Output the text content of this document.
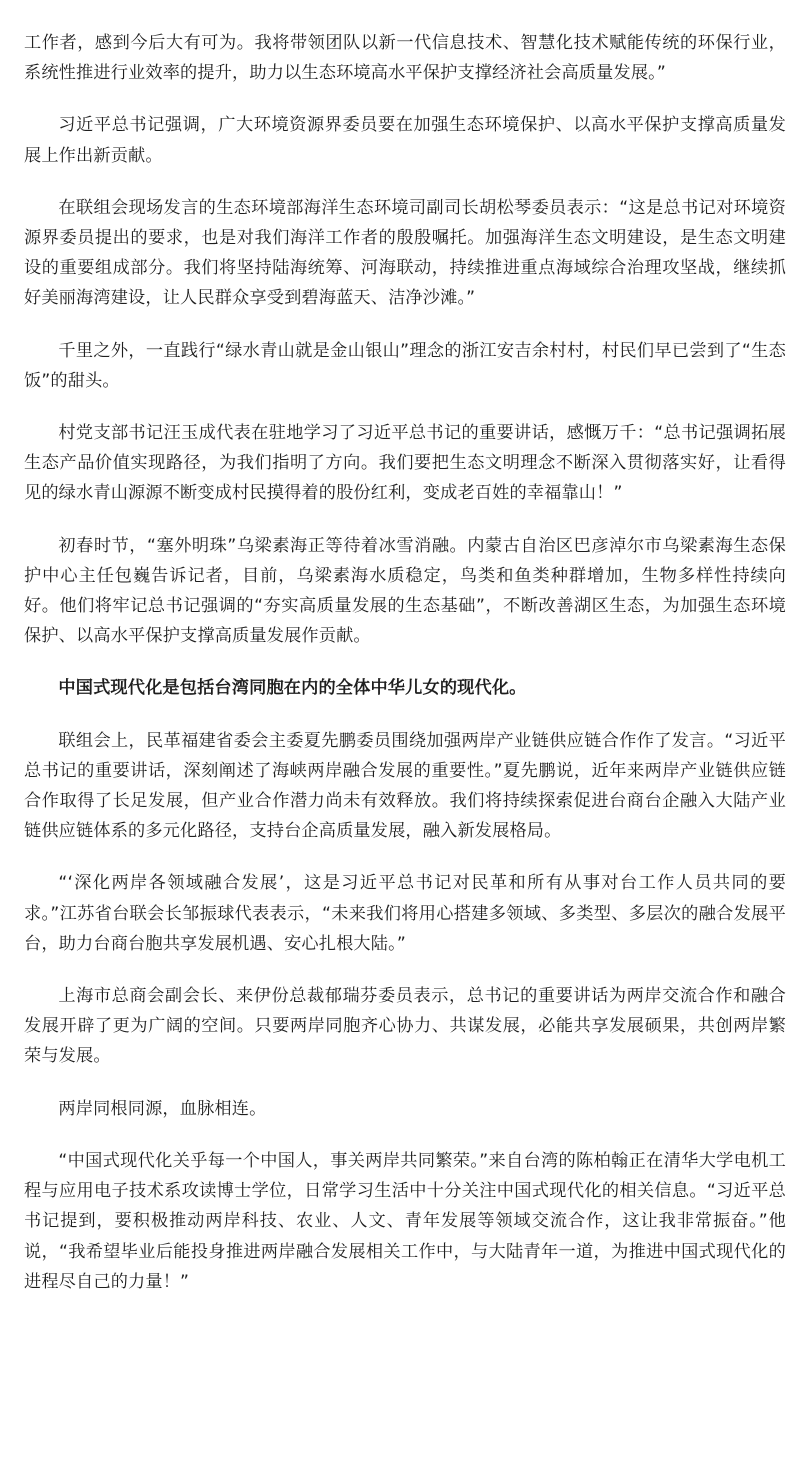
工作者，感到今后大有可为。我将带领团队以新一代信息技术、智慧化技术赋能传统的环保行业，系统性推进行业效率的提升，助力以生态环境高水平保护支撑经济社会高质量发展。”

习近平总书记强调，广大环境资源界委员要在加强生态环境保护、以高水平保护支撑高质量发展上作出新贡献。

在联组会现场发言的生态环境部海洋生态环境司副司长胡松琴委员表示：“这是总书记对环境资源界委员提出的要求，也是对我们海洋工作者的殷殷嘱托。加强海洋生态文明建设，是生态文明建设的重要组成部分。我们将坚持陆海统筹、河海联动，持续推进重点海域综合治理攻坚战，继续抓好美丽海湾建设，让人民群众享受到碧海蓝天、洁净沙滩。”

千里之外，一直践行“绿水青山就是金山银山”理念的浙江安吉余村村，村民们早已尝到了“生态饭”的甜头。

村党支部书记汪玉成代表在驻地学习了习近平总书记的重要讲话，感慨万千：“总书记强调拓展生态产品价值实现路径，为我们指明了方向。我们要把生态文明理念不断深入贯彻落实好，让看得见的绿水青山源源不断变成村民摸得着的股份红利，变成老百姓的幸福靠山！”

初春时节，“塞外明珠”乌梁素海正等待着冰雪消融。内蒙古自治区巴彦淖尔市乌梁素海生态保护中心主任包巍告诉记者，目前，乌梁素海水质稳定，鸟类和鱼类种群增加，生物多样性持续向好。他们将牢记总书记强调的“夯实高质量发展的生态基础”，不断改善湖区生态，为加强生态环境保护、以高水平保护支撑高质量发展作贡献。

中国式现代化是包括台湾同胞在内的全体中华儿女的现代化。

联组会上，民革福建省委会主委夏先鹏委员围绕加强两岸产业链供应链合作作了发言。“习近平总书记的重要讲话，深刻阐述了海峡两岸融合发展的重要性。”夏先鹏说，近年来两岸产业链供应链合作取得了长足发展，但产业合作潜力尚未有效释放。我们将持续探索促进台商台企融入大陆产业链供应链体系的多元化路径，支持台企高质量发展，融入新发展格局。

“‘深化两岸各领域融合发展’，这是习近平总书记对民革和所有从事对台工作人员共同的要求。”江苏省台联会长邹振球代表表示，“未来我们将用心搭建多领域、多类型、多层次的融合发展平台，助力台商台胞共享发展机遇、安心扎根大陆。”

上海市总商会副会长、来伊份总裁郁瑞芬委员表示，总书记的重要讲话为两岸交流合作和融合发展开辟了更为广阔的空间。只要两岸同胞齐心协力、共谋发展，必能共享发展硕果，共创两岸繁荣与发展。

两岸同根同源，血脉相连。

“中国式现代化关乎每一个中国人，事关两岸共同繁荣。”来自台湾的陈柏翰正在清华大学电机工程与应用电子技术系攻读博士学位，日常学习生活中十分关注中国式现代化的相关信息。“习近平总书记提到，要积极推动两岸科技、农业、人文、青年发展等领域交流合作，这让我非常振奋。”他说，“我希望毕业后能投身推进两岸融合发展相关工作中，与大陆青年一道，为推进中国式现代化的进程尽自己的力量！”
